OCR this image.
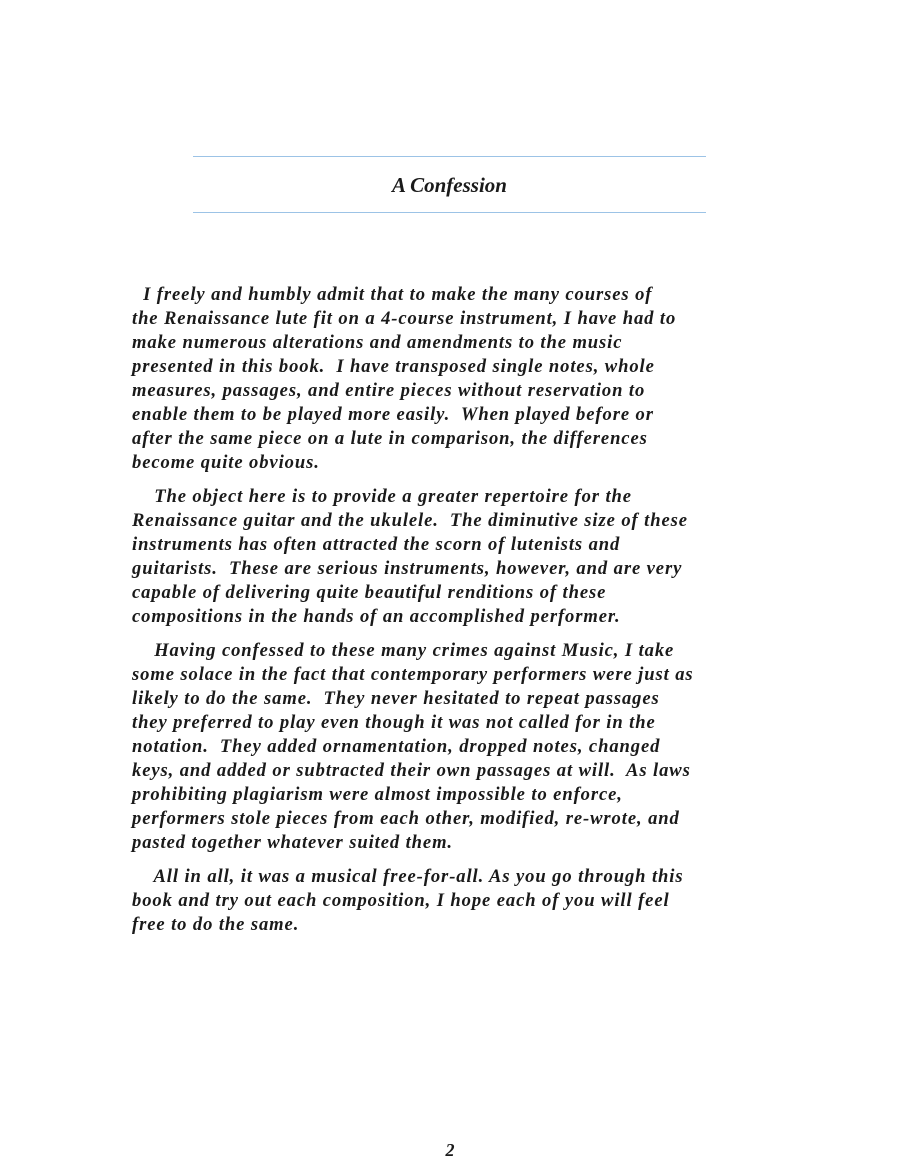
A Confession

I freely and humbly admit that to make the many courses of
the Renaissance lute fit on a 4-course instrument, I have had to
make numerous alterations and amendments to the music
presented in this book.  I have transposed single notes, whole
measures, passages, and entire pieces without reservation to
enable them to be played more easily.  When played before or
after the same piece on a lute in comparison, the differences
become quite obvious.

The object here is to provide a greater repertoire for the
Renaissance guitar and the ukulele.  The diminutive size of these
instruments has often attracted the scorn of lutenists and
guitarists.  These are serious instruments, however, and are very
capable of delivering quite beautiful renditions of these
compositions in the hands of an accomplished performer.

Having confessed to these many crimes against Music, I take
some solace in the fact that contemporary performers were just as
likely to do the same.  They never hesitated to repeat passages
they preferred to play even though it was not called for in the
notation.  They added ornamentation, dropped notes, changed
keys, and added or subtracted their own passages at will.  As laws
prohibiting plagiarism were almost impossible to enforce,
performers stole pieces from each other, modified, re-wrote, and
pasted together whatever suited them.

All in all, it was a musical free-for-all. As you go through this
book and try out each composition, I hope each of you will feel
free to do the same.

2
